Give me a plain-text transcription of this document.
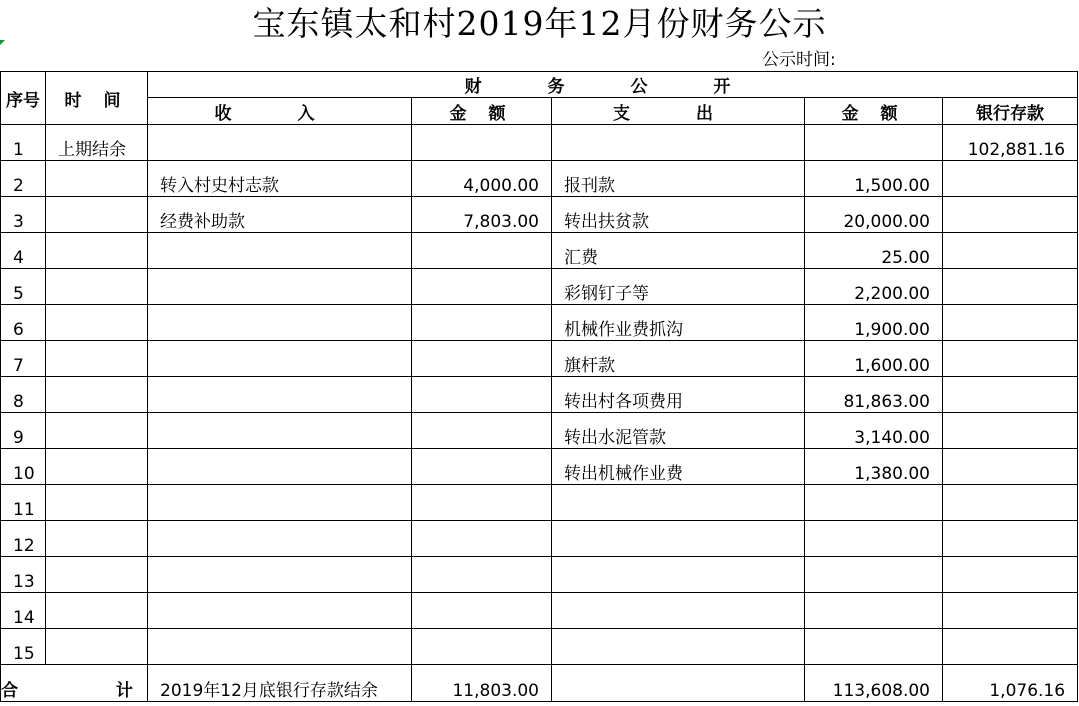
宝东镇太和村2019年12月份财务公示
公示时间:
序号	时 间	财 务 公 开				
		收 入	金 额	支 出	金 额	银行存款
1	上期结余					102,881.16
2		转入村史村志款	4,000.00	报刊款	1,500.00	
3		经费补助款	7,803.00	转出扶贫款	20,000.00	
4				汇费	25.00	
5				彩钢钉子等	2,200.00	
6				机械作业费抓沟	1,900.00	
7				旗杆款	1,600.00	
8				转出村各项费用	81,863.00	
9				转出水泥管款	3,140.00	
10				转出机械作业费	1,380.00	
11						
12						
13						
14						
15						
合 计		2019年12月底银行存款结余	11,803.00		113,608.00	1,076.16
